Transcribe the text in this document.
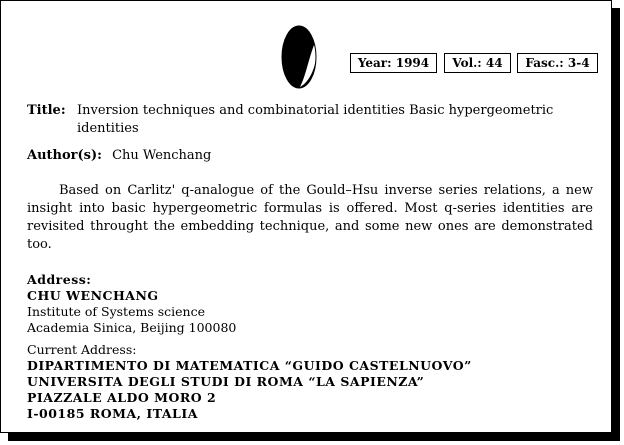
Year: 1994	Vol.: 44	Fasc.: 3-4
Title: Inversion techniques and combinatorial identities Basic hypergeometric identities
Author(s): Chu Wenchang

Based on Carlitz' q-analogue of the Gould–Hsu inverse series relations, a new insight into basic hypergeometric formulas is offered. Most q-series identities are revisited throught the embedding technique, and some new ones are demonstrated too.

Address:
CHU WENCHANG
Institute of Systems science
Academia Sinica, Beijing 100080
Current Address:
DIPARTIMENTO DI MATEMATICA “GUIDO CASTELNUOVO”
UNIVERSITA DEGLI STUDI DI ROMA “LA SAPIENZA”
PIAZZALE ALDO MORO 2
I-00185 ROMA, ITALIA
